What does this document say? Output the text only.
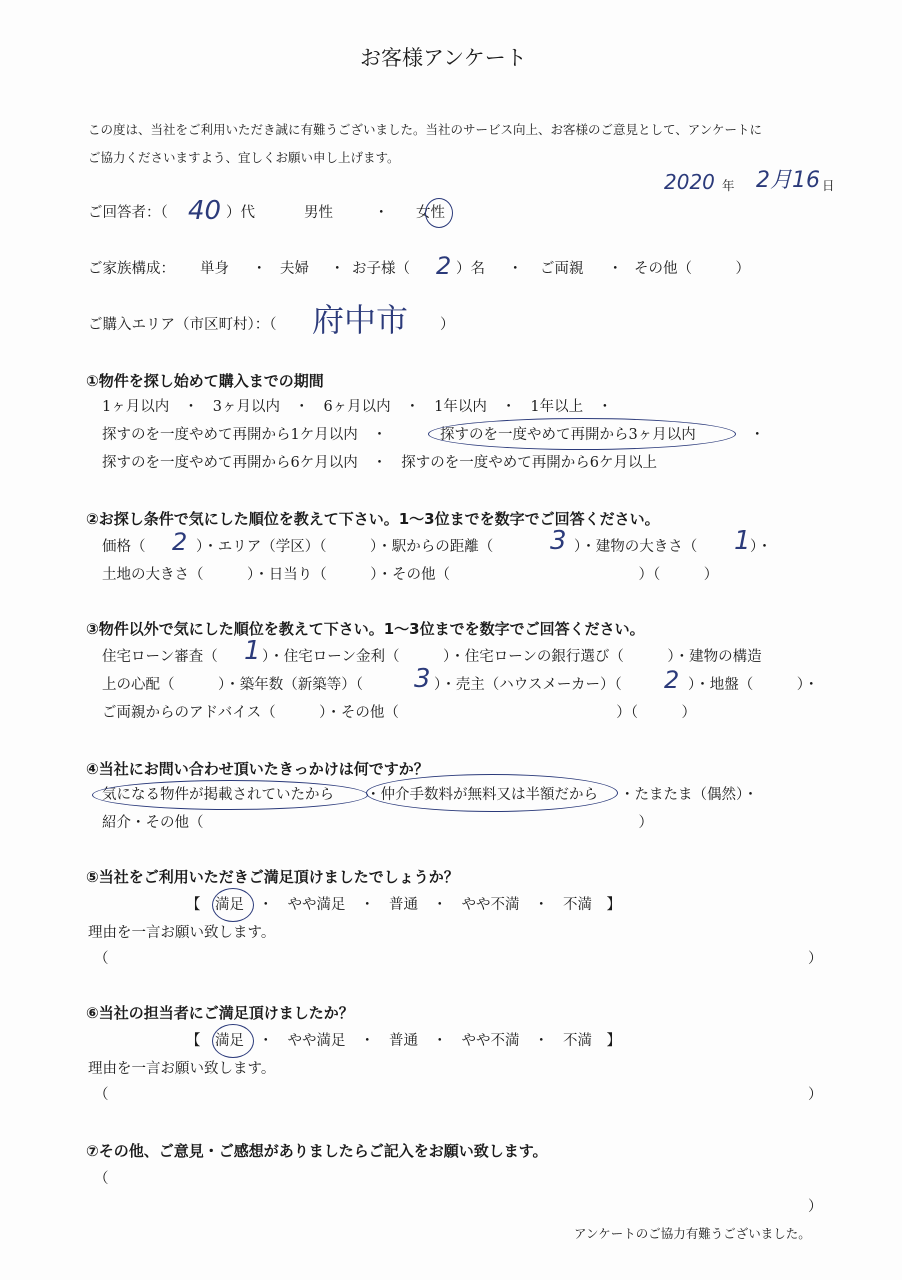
お客様アンケート
この度は、当社をご利用いただき誠に有難うございました。当社のサービス向上、お客様のご意見として、アンケートに
ご協力くださいますよう、宜しくお願い申し上げます。
2020 年 2月16 日
ご回答者：（ 40 ）代	男性	・ 女性
ご家族構成： 単身 ・ 夫婦 ・ お子様（ 2 ）名 ・ ご両親 ・ その他（　　　）
ご購入エリア（市区町村）：（ 府中市 ）
①物件を探し始めて購入までの期間
1ヶ月以内　・　3ヶ月以内　・　6ヶ月以内　・　1年以内　・　1年以上　・
探すのを一度やめて再開から1ケ月以内　・	探すのを一度やめて再開から3ヶ月以内	・
探すのを一度やめて再開から6ケ月以内　・　探すのを一度やめて再開から6ケ月以上
②お探し条件で気にした順位を教えて下さい。1～3位までを数字でご回答ください。
価格（ 2 ）・エリア（学区）（　　　）・駅からの距離（ 3 ）・建物の大きさ（ 1 ）・
土地の大きさ（　　　）・日当り（　　　）・その他（　　　　　　　　　　　　　）（　　　）
③物件以外で気にした順位を教えて下さい。1～3位までを数字でご回答ください。
住宅ローン審査（ 1 ）・住宅ローン金利（　　　）・住宅ローンの銀行選び（　　　）・建物の構造
上の心配（　　　）・築年数（新築等）（ 3 ）・売主（ハウスメーカー）（ 2 ）・地盤（　　　）・
ご両親からのアドバイス（　　　）・その他（　　　　　　　　　　　　　　　）（　　　）
④当社にお問い合わせ頂いたきっかけは何ですか？
気になる物件が掲載されていたから ・仲介手数料が無料又は半額だから ・たまたま（偶然）・
紹介・その他（　　　　　　　　　　　　　　　　　　　　　　　　　　　　　　）
⑤当社をご利用いただきご満足頂けましたでしょうか？
【　満足　・　やや満足　・　普通　・　やや不満　・　不満　】
理由を一言お願い致します。
（	）
⑥当社の担当者にご満足頂けましたか？
【　満足　・　やや満足　・　普通　・　やや不満　・　不満　】
理由を一言お願い致します。
（	）
⑦その他、ご意見・ご感想がありましたらご記入をお願い致します。
（
）
アンケートのご協力有難うございました。
